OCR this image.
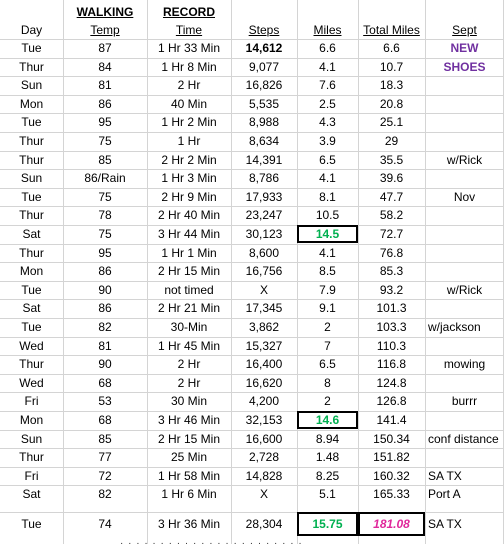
WALKING	RECORD
Day	Temp	Time	Steps	Miles	Total Miles	Sept
Tue	87	1 Hr 33 Min	14,612	6.6	6.6	NEW
Thur	84	1 Hr 8 Min	9,077	4.1	10.7	SHOES
Sun	81	2 Hr	16,826	7.6	18.3
Mon	86	40 Min	5,535	2.5	20.8
Tue	95	1 Hr 2 Min	8,988	4.3	25.1
Thur	75	1 Hr	8,634	3.9	29
Thur	85	2 Hr 2 Min	14,391	6.5	35.5	w/Rick
Sun	86/Rain	1 Hr 3 Min	8,786	4.1	39.6
Tue	75	2 Hr 9 Min	17,933	8.1	47.7	Nov
Thur	78	2 Hr 40 Min	23,247	10.5	58.2
Sat	75	3 Hr 44 Min	30,123	14.5	72.7
Thur	95	1 Hr 1 Min	8,600	4.1	76.8
Mon	86	2 Hr 15 Min	16,756	8.5	85.3
Tue	90	not timed	X	7.9	93.2	w/Rick
Sat	86	2 Hr 21 Min	17,345	9.1	101.3
Tue	82	30-Min	3,862	2	103.3	w/jackson
Wed	81	1 Hr 45 Min	15,327	7	110.3
Thur	90	2 Hr	16,400	6.5	116.8	mowing
Wed	68	2 Hr	16,620	8	124.8
Fri	53	30 Min	4,200	2	126.8	burrr
Mon	68	3 Hr 46 Min	32,153	14.6	141.4
Sun	85	2 Hr 15 Min	16,600	8.94	150.34	conf distance
Thur	77	25 Min	2,728	1.48	151.82
Fri	72	1 Hr 58 Min	14,828	8.25	160.32	SA TX
Sat	82	1 Hr 6 Min	X	5.1	165.33	Port A
Tue	74	3 Hr 36 Min	28,304	15.75	181.08	SA TX
· · · · · · · · · · · · · · · · · · · · · · ·
